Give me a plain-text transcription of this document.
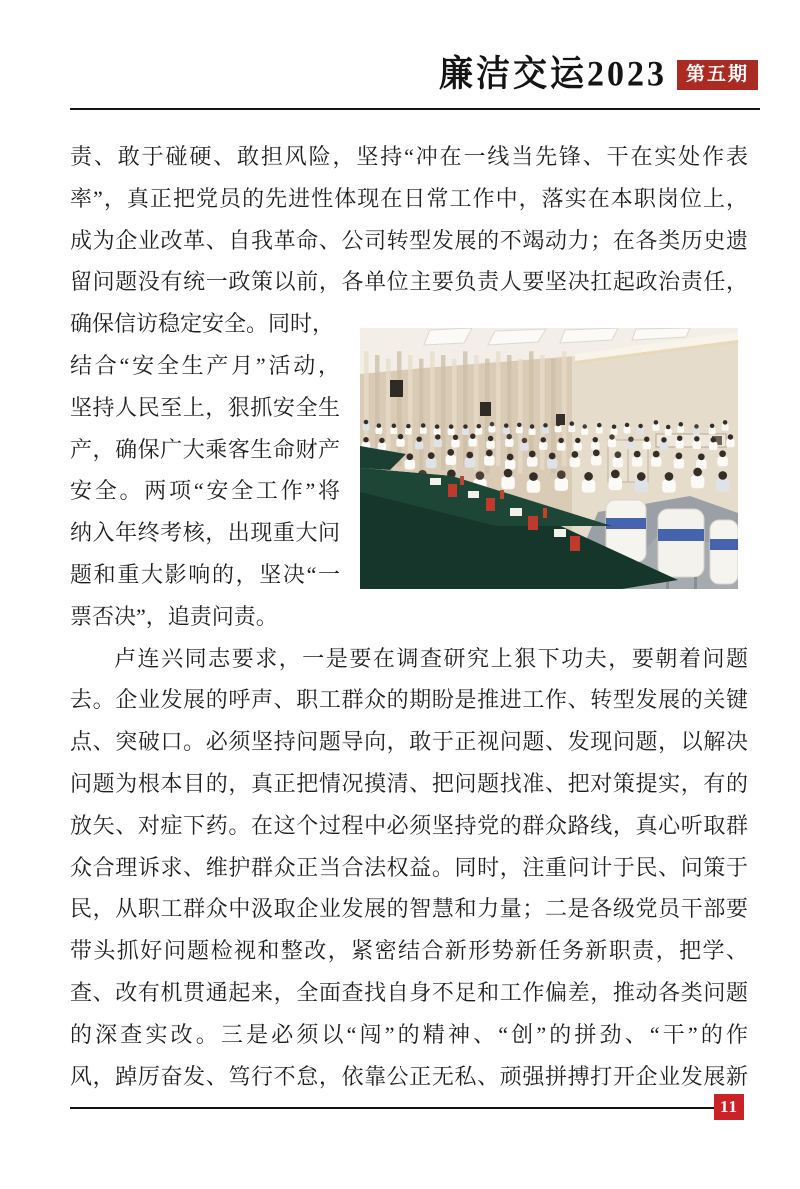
廉洁交运2023	第五期
责、敢于碰硬、敢担风险，坚持“冲在一线当先锋、干在实处作表
率”，真正把党员的先进性体现在日常工作中，落实在本职岗位上，
成为企业改革、自我革命、公司转型发展的不竭动力；在各类历史遗
留问题没有统一政策以前，各单位主要负责人要坚决扛起政治责任，
确保信访稳定安全。同时，
结合“安全生产月”活动，
坚持人民至上，狠抓安全生
产，确保广大乘客生命财产
安全。两项“安全工作”将
纳入年终考核，出现重大问
题和重大影响的，坚决“一
票否决”，追责问责。
卢连兴同志要求，一是要在调查研究上狠下功夫，要朝着问题
去。企业发展的呼声、职工群众的期盼是推进工作、转型发展的关键
点、突破口。必须坚持问题导向，敢于正视问题、发现问题，以解决
问题为根本目的，真正把情况摸清、把问题找准、把对策提实，有的
放矢、对症下药。在这个过程中必须坚持党的群众路线，真心听取群
众合理诉求、维护群众正当合法权益。同时，注重问计于民、问策于
民，从职工群众中汲取企业发展的智慧和力量；二是各级党员干部要
带头抓好问题检视和整改，紧密结合新形势新任务新职责，把学、
查、改有机贯通起来，全面查找自身不足和工作偏差，推动各类问题
的深查实改。三是必须以“闯”的精神、“创”的拼劲、“干”的作
风，踔厉奋发、笃行不怠，依靠公正无私、顽强拼搏打开企业发展新
11
